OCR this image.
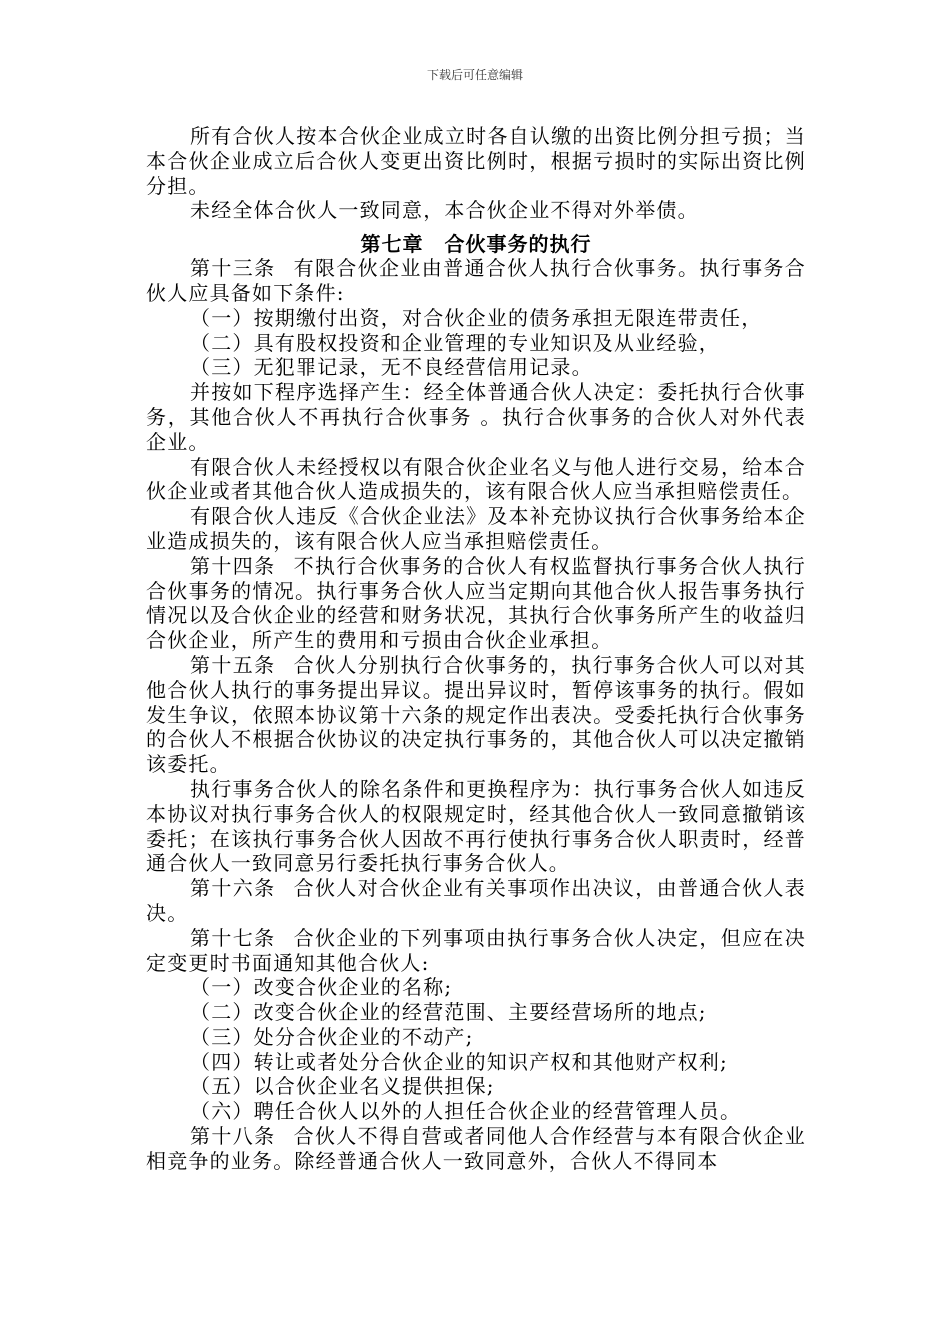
下载后可任意编辑

所有合伙人按本合伙企业成立时各自认缴的出资比例分担亏损；当本合伙企业成立后合伙人变更出资比例时，根据亏损时的实际出资比例分担。

未经全体合伙人一致同意，本合伙企业不得对外举债。

第七章　合伙事务的执行

第十三条 有限合伙企业由普通合伙人执行合伙事务。执行事务合伙人应具备如下条件:

（一）按期缴付出资，对合伙企业的债务承担无限连带责任，

（二）具有股权投资和企业管理的专业知识及从业经验，

（三）无犯罪记录，无不良经营信用记录。

并按如下程序选择产生：经全体普通合伙人决定：委托执行合伙事务，其他合伙人不再执行合伙事务 。执行合伙事务的合伙人对外代表企业。

有限合伙人未经授权以有限合伙企业名义与他人进行交易，给本合伙企业或者其他合伙人造成损失的，该有限合伙人应当承担赔偿责任。

有限合伙人违反《合伙企业法》及本补充协议执行合伙事务给本企业造成损失的，该有限合伙人应当承担赔偿责任。

第十四条 不执行合伙事务的合伙人有权监督执行事务合伙人执行合伙事务的情况。执行事务合伙人应当定期向其他合伙人报告事务执行情况以及合伙企业的经营和财务状况，其执行合伙事务所产生的收益归合伙企业，所产生的费用和亏损由合伙企业承担。

第十五条 合伙人分别执行合伙事务的，执行事务合伙人可以对其他合伙人执行的事务提出异议。提出异议时，暂停该事务的执行。假如发生争议，依照本协议第十六条的规定作出表决。受委托执行合伙事务的合伙人不根据合伙协议的决定执行事务的，其他合伙人可以决定撤销该委托。

执行事务合伙人的除名条件和更换程序为：执行事务合伙人如违反本协议对执行事务合伙人的权限规定时，经其他合伙人一致同意撤销该委托；在该执行事务合伙人因故不再行使执行事务合伙人职责时，经普通合伙人一致同意另行委托执行事务合伙人。

第十六条 合伙人对合伙企业有关事项作出决议，由普通合伙人表决。

第十七条 合伙企业的下列事项由执行事务合伙人决定，但应在决定变更时书面通知其他合伙人:

（一）改变合伙企业的名称;

（二）改变合伙企业的经营范围、主要经营场所的地点;

（三）处分合伙企业的不动产;

（四）转让或者处分合伙企业的知识产权和其他财产权利;

（五）以合伙企业名义提供担保;

（六）聘任合伙人以外的人担任合伙企业的经营管理人员。

第十八条 合伙人不得自营或者同他人合作经营与本有限合伙企业相竞争的业务。除经普通合伙人一致同意外，合伙人不得同本
